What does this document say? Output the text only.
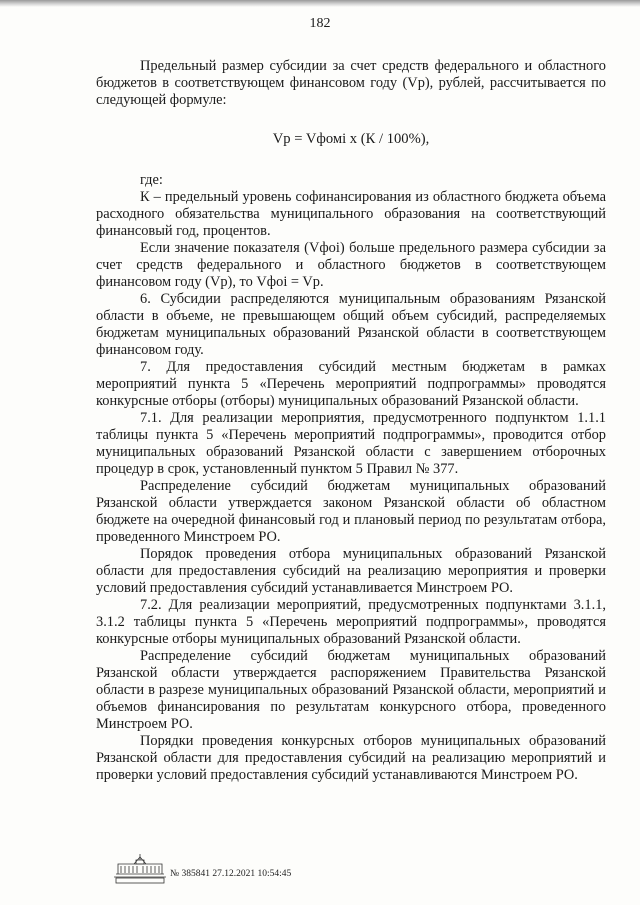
182

Предельный размер субсидии за счет средств федерального и областного бюджетов в соответствующем финансовом году (Vp), рублей, рассчитывается по следующей формуле:

Vp = Vфомi x (К / 100%),

где:

К – предельный уровень софинансирования из областного бюджета объема расходного обязательства муниципального образования на соответствующий финансовый год, процентов.

Если значение показателя (Vфоi) больше предельного размера субсидии за счет средств федерального и областного бюджетов в соответствующем финансовом году (Vp), то Vфоi = Vp.

6. Субсидии распределяются муниципальным образованиям Рязанской области в объеме, не превышающем общий объем субсидий, распределяемых бюджетам муниципальных образований Рязанской области в соответствующем финансовом году.

7. Для предоставления субсидий местным бюджетам в рамках мероприятий пункта 5 «Перечень мероприятий подпрограммы» проводятся конкурсные отборы (отборы) муниципальных образований Рязанской области.

7.1. Для реализации мероприятия, предусмотренного подпунктом 1.1.1 таблицы пункта 5 «Перечень мероприятий подпрограммы», проводится отбор муниципальных образований Рязанской области с завершением отборочных процедур в срок, установленный пунктом 5 Правил № 377.

Распределение субсидий бюджетам муниципальных образований Рязанской области утверждается законом Рязанской области об областном бюджете на очередной финансовый год и плановый период по результатам отбора, проведенного Минстроем РО.

Порядок проведения отбора муниципальных образований Рязанской области для предоставления субсидий на реализацию мероприятия и проверки условий предоставления субсидий устанавливается Минстроем РО.

7.2. Для реализации мероприятий, предусмотренных подпунктами 3.1.1, 3.1.2 таблицы пункта 5 «Перечень мероприятий подпрограммы», проводятся конкурсные отборы муниципальных образований Рязанской области.

Распределение субсидий бюджетам муниципальных образований Рязанской области утверждается распоряжением Правительства Рязанской области в разрезе муниципальных образований Рязанской области, мероприятий и объемов финансирования по результатам конкурсного отбора, проведенного Минстроем РО.

Порядки проведения конкурсных отборов муниципальных образований Рязанской области для предоставления субсидий на реализацию мероприятий и проверки условий предоставления субсидий устанавливаются Минстроем РО.

№ 385841 27.12.2021 10:54:45
